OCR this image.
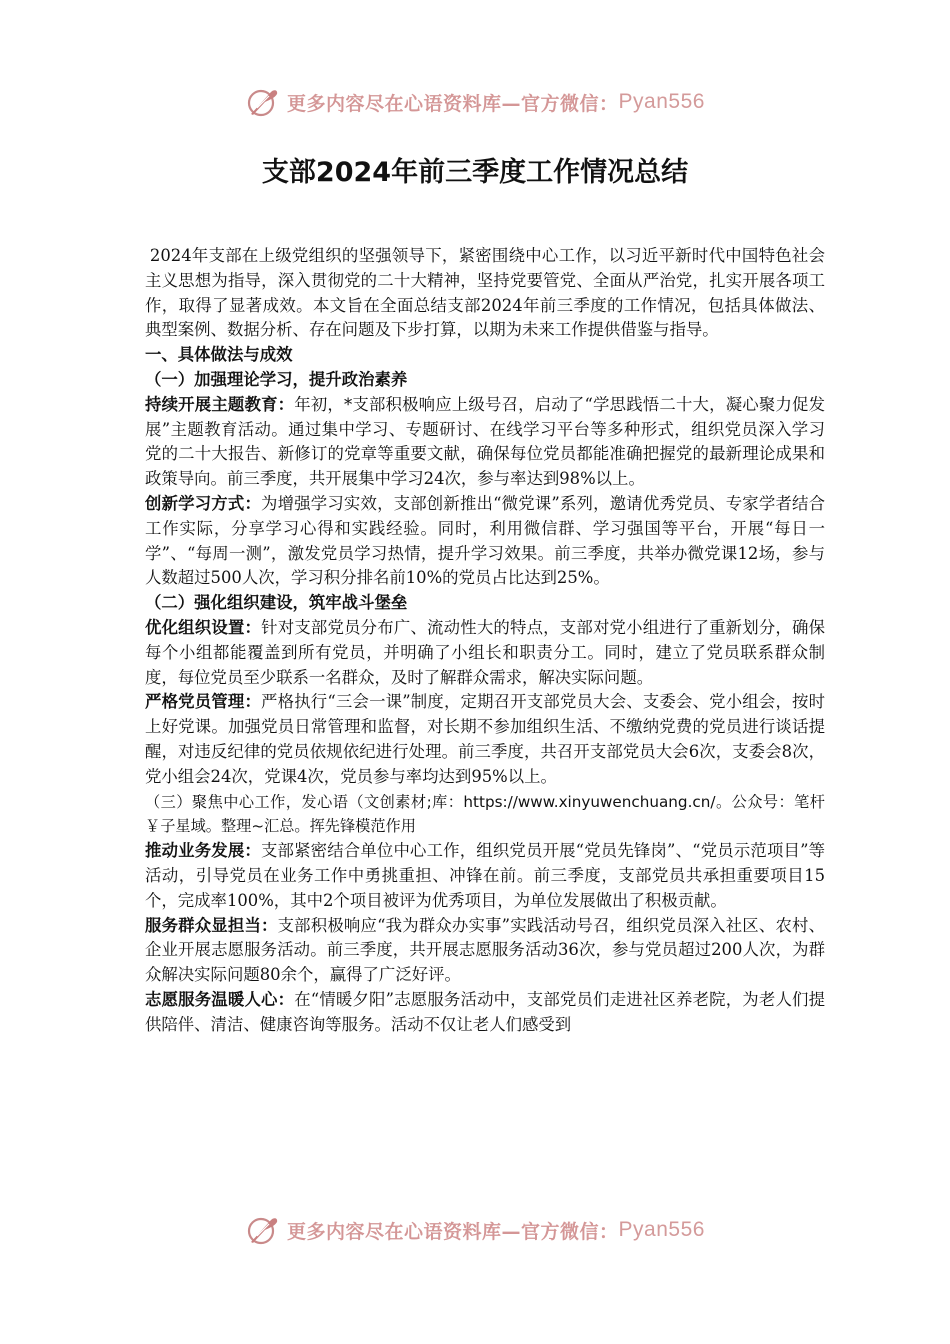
更多内容尽在心语资料库—官方微信： Pyan556
支部2024年前三季度工作情况总结

2024年支部在上级党组织的坚强领导下，紧密围绕中心工作，以习近平新时代中国特色社会主义思想为指导，深入贯彻党的二十大精神，坚持党要管党、全面从严治党，扎实开展各项工作，取得了显著成效。本文旨在全面总结支部2024年前三季度的工作情况，包括具体做法、典型案例、数据分析、存在问题及下步打算，以期为未来工作提供借鉴与指导。

一、具体做法与成效

（一）加强理论学习，提升政治素养

持续开展主题教育：年初，*支部积极响应上级号召，启动了“学思践悟二十大，凝心聚力促发展”主题教育活动。通过集中学习、专题研讨、在线学习平台等多种形式，组织党员深入学习党的二十大报告、新修订的党章等重要文献，确保每位党员都能准确把握党的最新理论成果和政策导向。前三季度，共开展集中学习24次，参与率达到98%以上。

创新学习方式：为增强学习实效，支部创新推出“微党课”系列，邀请优秀党员、专家学者结合工作实际，分享学习心得和实践经验。同时，利用微信群、学习强国等平台，开展“每日一学”、“每周一测”，激发党员学习热情，提升学习效果。前三季度，共举办微党课12场，参与人数超过500人次，学习积分排名前10%的党员占比达到25%。

（二）强化组织建设，筑牢战斗堡垒

优化组织设置：针对支部党员分布广、流动性大的特点，支部对党小组进行了重新划分，确保每个小组都能覆盖到所有党员，并明确了小组长和职责分工。同时，建立了党员联系群众制度，每位党员至少联系一名群众，及时了解群众需求，解决实际问题。

严格党员管理：严格执行“三会一课”制度，定期召开支部党员大会、支委会、党小组会，按时上好党课。加强党员日常管理和监督，对长期不参加组织生活、不缴纳党费的党员进行谈话提醒，对违反纪律的党员依规依纪进行处理。前三季度，共召开支部党员大会6次，支委会8次，党小组会24次，党课4次，党员参与率均达到95%以上。

（三）聚焦中心工作，发心语（文创素材;库：https://www.xinyuwenchuang.cn/。公众号：笔杆￥子星域。整理~汇总。挥先锋模范作用

推动业务发展：支部紧密结合单位中心工作，组织党员开展“党员先锋岗”、“党员示范项目”等活动，引导党员在业务工作中勇挑重担、冲锋在前。前三季度，支部党员共承担重要项目15个，完成率100%，其中2个项目被评为优秀项目，为单位发展做出了积极贡献。

服务群众显担当：支部积极响应“我为群众办实事”实践活动号召，组织党员深入社区、农村、企业开展志愿服务活动。前三季度，共开展志愿服务活动36次，参与党员超过200人次，为群众解决实际问题80余个，赢得了广泛好评。

志愿服务温暖人心：在“情暖夕阳”志愿服务活动中，支部党员们走进社区养老院，为老人们提供陪伴、清洁、健康咨询等服务。活动不仅让老人们感受到

更多内容尽在心语资料库—官方微信： Pyan556
